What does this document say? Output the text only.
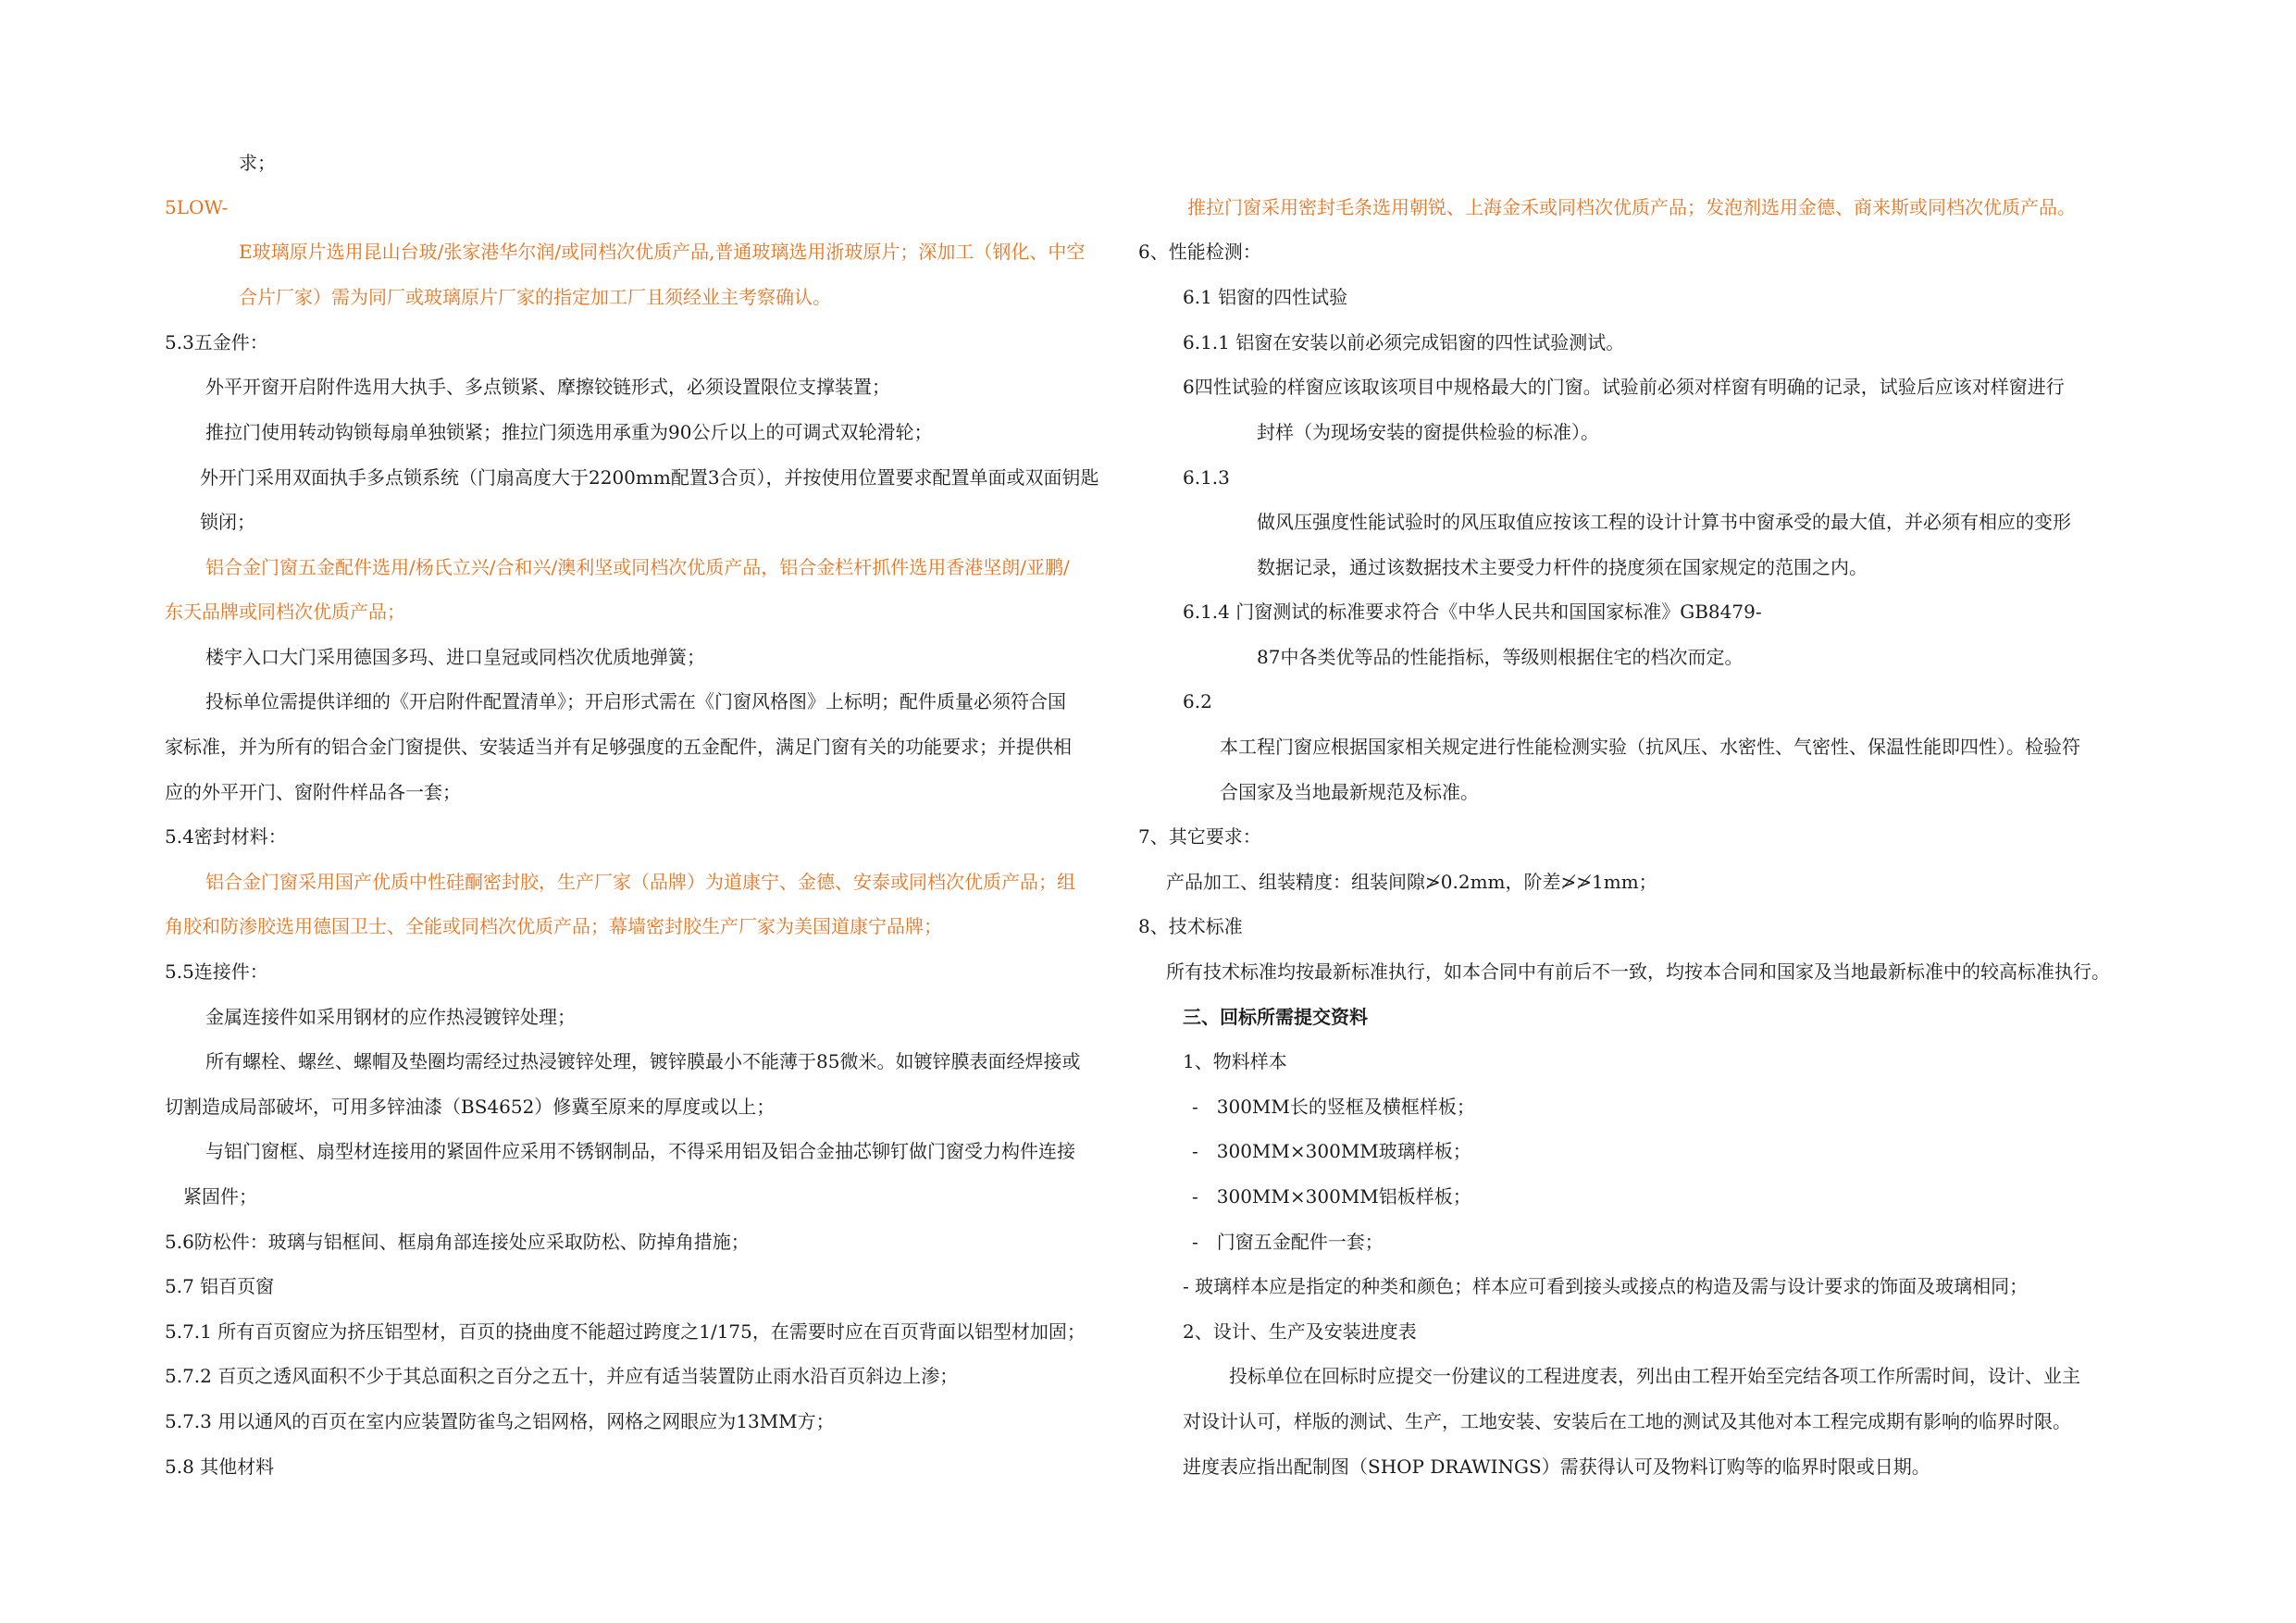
求；
5LOW-
E玻璃原片选用昆山台玻/张家港华尔润/或同档次优质产品,普通玻璃选用浙玻原片；深加工（钢化、中空
合片厂家）需为同厂或玻璃原片厂家的指定加工厂且须经业主考察确认。
5.3五金件：
外平开窗开启附件选用大执手、多点锁紧、摩擦铰链形式，必须设置限位支撑装置；
推拉门使用转动钩锁每扇单独锁紧；推拉门须选用承重为90公斤以上的可调式双轮滑轮；
外开门采用双面执手多点锁系统（门扇高度大于2200mm配置3合页），并按使用位置要求配置单面或双面钥匙
锁闭；
铝合金门窗五金配件选用/杨氏立兴/合和兴/澳利坚或同档次优质产品，铝合金栏杆抓件选用香港坚朗/亚鹏/
东天品牌或同档次优质产品；
楼宇入口大门采用德国多玛、进口皇冠或同档次优质地弹簧；
投标单位需提供详细的《开启附件配置清单》；开启形式需在《门窗风格图》上标明；配件质量必须符合国
家标准，并为所有的铝合金门窗提供、安装适当并有足够强度的五金配件，满足门窗有关的功能要求；并提供相
应的外平开门、窗附件样品各一套；
5.4密封材料：
铝合金门窗采用国产优质中性硅酮密封胶，生产厂家（品牌）为道康宁、金德、安泰或同档次优质产品；组
角胶和防渗胶选用德国卫士、全能或同档次优质产品；幕墙密封胶生产厂家为美国道康宁品牌；
5.5连接件：
金属连接件如采用钢材的应作热浸镀锌处理；
所有螺栓、螺丝、螺帽及垫圈均需经过热浸镀锌处理，镀锌膜最小不能薄于85微米。如镀锌膜表面经焊接或
切割造成局部破坏，可用多锌油漆（BS4652）修冀至原来的厚度或以上；
与铝门窗框、扇型材连接用的紧固件应采用不锈钢制品，不得采用铝及铝合金抽芯铆钉做门窗受力构件连接
紧固件；
5.6防松件：玻璃与铝框间、框扇角部连接处应采取防松、防掉角措施；
5.7 铝百页窗
5.7.1 所有百页窗应为挤压铝型材，百页的挠曲度不能超过跨度之1/175，在需要时应在百页背面以铝型材加固；
5.7.2 百页之透风面积不少于其总面积之百分之五十，并应有适当装置防止雨水沿百页斜边上渗；
5.7.3 用以通风的百页在室内应装置防雀鸟之铝网格，网格之网眼应为13MM方；
5.8 其他材料
推拉门窗采用密封毛条选用朝锐、上海金禾或同档次优质产品；发泡剂选用金德、商来斯或同档次优质产品。
6、性能检测：
6.1 铝窗的四性试验
6.1.1 铝窗在安装以前必须完成铝窗的四性试验测试。
6四性试验的样窗应该取该项目中规格最大的门窗。试验前必须对样窗有明确的记录，试验后应该对样窗进行
封样（为现场安装的窗提供检验的标准）。
6.1.3
做风压强度性能试验时的风压取值应按该工程的设计计算书中窗承受的最大值，并必须有相应的变形
数据记录，通过该数据技术主要受力杆件的挠度须在国家规定的范围之内。
6.1.4 门窗测试的标准要求符合《中华人民共和国国家标准》GB8479-
87中各类优等品的性能指标，等级则根据住宅的档次而定。
6.2
本工程门窗应根据国家相关规定进行性能检测实验（抗风压、水密性、气密性、保温性能即四性）。检验符
合国家及当地最新规范及标准。
7、其它要求：
产品加工、组装精度：组装间隙≯0.2mm，阶差≯≯1mm；
8、技术标准
所有技术标准均按最新标准执行，如本合同中有前后不一致，均按本合同和国家及当地最新标准中的较高标准执行。
三、回标所需提交资料
1、物料样本
-　300MM长的竖框及横框样板；
-　300MM×300MM玻璃样板；
-　300MM×300MM铝板样板；
-　门窗五金配件一套；
- 玻璃样本应是指定的种类和颜色；样本应可看到接头或接点的构造及需与设计要求的饰面及玻璃相同；
2、设计、生产及安装进度表
投标单位在回标时应提交一份建议的工程进度表，列出由工程开始至完结各项工作所需时间，设计、业主
对设计认可，样版的测试、生产，工地安装、安装后在工地的测试及其他对本工程完成期有影响的临界时限。
进度表应指出配制图（SHOP DRAWINGS）需获得认可及物料订购等的临界时限或日期。
